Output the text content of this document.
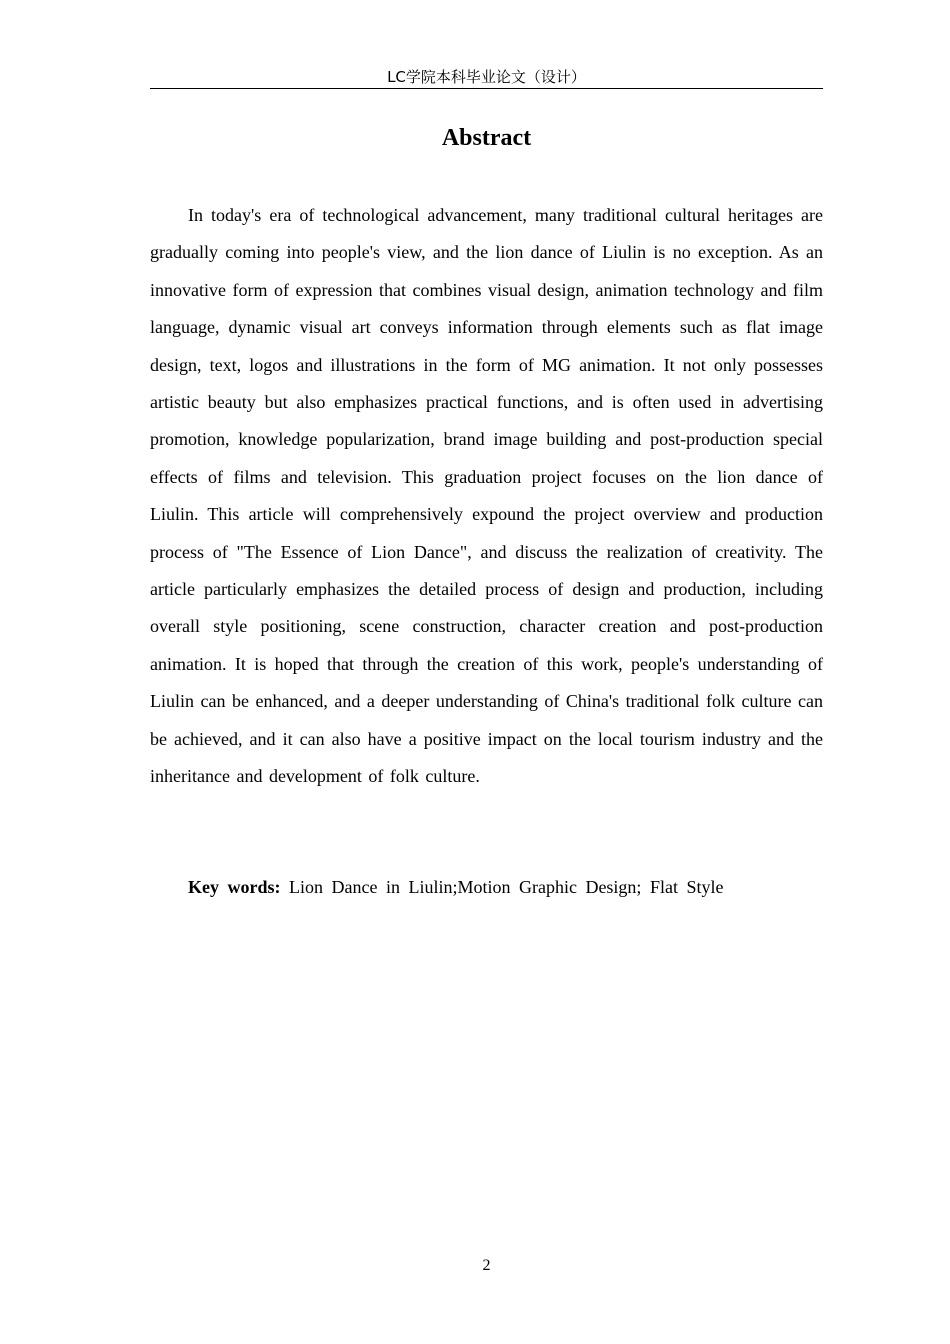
LC学院本科毕业论文（设计）
Abstract

In today's era of technological advancement, many traditional cultural heritages are gradually coming into people's view, and the lion dance of Liulin is no exception. As an innovative form of expression that combines visual design, animation technology and film language, dynamic visual art conveys information through elements such as flat image design, text, logos and illustrations in the form of MG animation. It not only possesses artistic beauty but also emphasizes practical functions, and is often used in advertising promotion, knowledge popularization, brand image building and post-production special effects of films and television. This graduation project focuses on the lion dance of Liulin. This article will comprehensively expound the project overview and production process of "The Essence of Lion Dance", and discuss the realization of creativity. The article particularly emphasizes the detailed process of design and production, including overall style positioning, scene construction, character creation and post-production animation. It is hoped that through the creation of this work, people's understanding of Liulin can be enhanced, and a deeper understanding of China's traditional folk culture can be achieved, and it can also have a positive impact on the local tourism industry and the inheritance and development of folk culture.

Key words: Lion Dance in Liulin;Motion Graphic Design; Flat Style

2
